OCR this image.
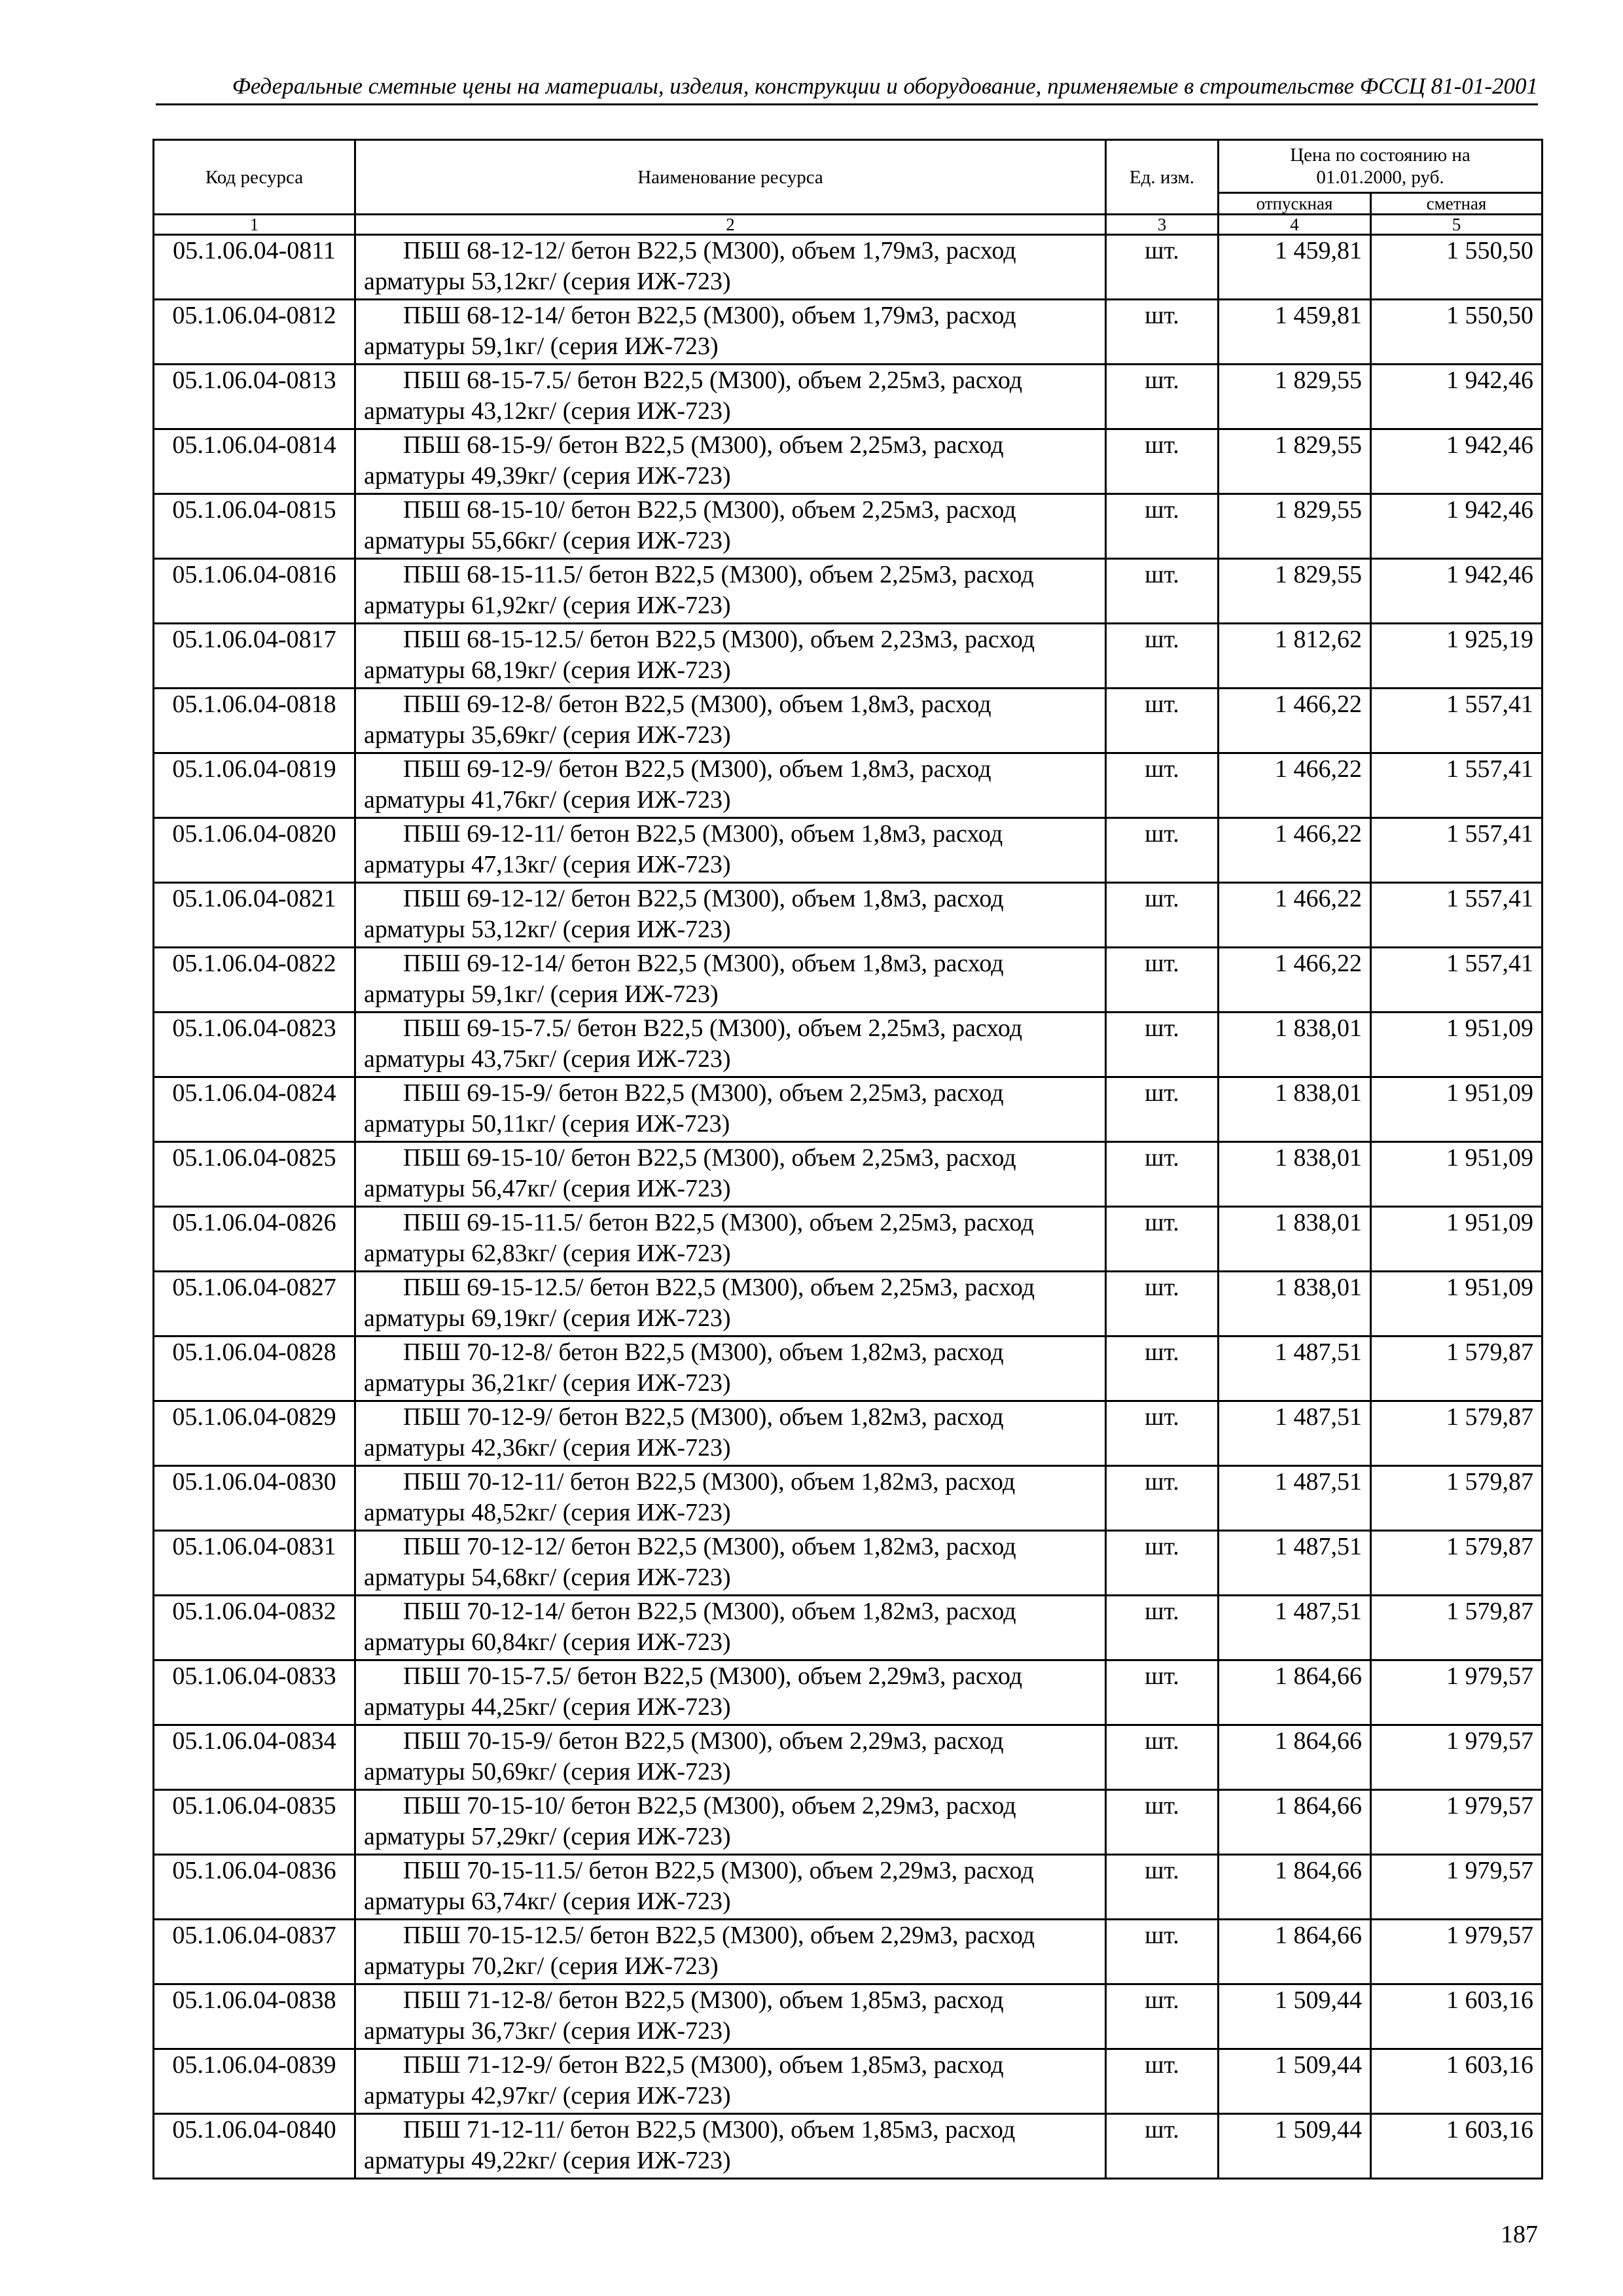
Федеральные сметные цены на материалы, изделия, конструкции и оборудование, применяемые в строительстве ФССЦ 81-01-2001
Код ресурса	Наименование ресурса	Ед. изм.	Цена по состоянию на 01.01.2000, руб.	
			отпускная	сметная
1	2	3	4	5
05.1.06.04-0811	ПБШ 68-12-12/ бетон В22,5 (М300), объем 1,79м3, расход
арматуры 53,12кг/ (серия ИЖ-723)	шт.	1 459,81	1 550,50
05.1.06.04-0812	ПБШ 68-12-14/ бетон В22,5 (М300), объем 1,79м3, расход
арматуры 59,1кг/ (серия ИЖ-723)	шт.	1 459,81	1 550,50
05.1.06.04-0813	ПБШ 68-15-7.5/ бетон В22,5 (М300), объем 2,25м3, расход
арматуры 43,12кг/ (серия ИЖ-723)	шт.	1 829,55	1 942,46
05.1.06.04-0814	ПБШ 68-15-9/ бетон В22,5 (М300), объем 2,25м3, расход
арматуры 49,39кг/ (серия ИЖ-723)	шт.	1 829,55	1 942,46
05.1.06.04-0815	ПБШ 68-15-10/ бетон В22,5 (М300), объем 2,25м3, расход
арматуры 55,66кг/ (серия ИЖ-723)	шт.	1 829,55	1 942,46
05.1.06.04-0816	ПБШ 68-15-11.5/ бетон В22,5 (М300), объем 2,25м3, расход
арматуры 61,92кг/ (серия ИЖ-723)	шт.	1 829,55	1 942,46
05.1.06.04-0817	ПБШ 68-15-12.5/ бетон В22,5 (М300), объем 2,23м3, расход
арматуры 68,19кг/ (серия ИЖ-723)	шт.	1 812,62	1 925,19
05.1.06.04-0818	ПБШ 69-12-8/ бетон В22,5 (М300), объем 1,8м3, расход
арматуры 35,69кг/ (серия ИЖ-723)	шт.	1 466,22	1 557,41
05.1.06.04-0819	ПБШ 69-12-9/ бетон В22,5 (М300), объем 1,8м3, расход
арматуры 41,76кг/ (серия ИЖ-723)	шт.	1 466,22	1 557,41
05.1.06.04-0820	ПБШ 69-12-11/ бетон В22,5 (М300), объем 1,8м3, расход
арматуры 47,13кг/ (серия ИЖ-723)	шт.	1 466,22	1 557,41
05.1.06.04-0821	ПБШ 69-12-12/ бетон В22,5 (М300), объем 1,8м3, расход
арматуры 53,12кг/ (серия ИЖ-723)	шт.	1 466,22	1 557,41
05.1.06.04-0822	ПБШ 69-12-14/ бетон В22,5 (М300), объем 1,8м3, расход
арматуры 59,1кг/ (серия ИЖ-723)	шт.	1 466,22	1 557,41
05.1.06.04-0823	ПБШ 69-15-7.5/ бетон В22,5 (М300), объем 2,25м3, расход
арматуры 43,75кг/ (серия ИЖ-723)	шт.	1 838,01	1 951,09
05.1.06.04-0824	ПБШ 69-15-9/ бетон В22,5 (М300), объем 2,25м3, расход
арматуры 50,11кг/ (серия ИЖ-723)	шт.	1 838,01	1 951,09
05.1.06.04-0825	ПБШ 69-15-10/ бетон В22,5 (М300), объем 2,25м3, расход
арматуры 56,47кг/ (серия ИЖ-723)	шт.	1 838,01	1 951,09
05.1.06.04-0826	ПБШ 69-15-11.5/ бетон В22,5 (М300), объем 2,25м3, расход
арматуры 62,83кг/ (серия ИЖ-723)	шт.	1 838,01	1 951,09
05.1.06.04-0827	ПБШ 69-15-12.5/ бетон В22,5 (М300), объем 2,25м3, расход
арматуры 69,19кг/ (серия ИЖ-723)	шт.	1 838,01	1 951,09
05.1.06.04-0828	ПБШ 70-12-8/ бетон В22,5 (М300), объем 1,82м3, расход
арматуры 36,21кг/ (серия ИЖ-723)	шт.	1 487,51	1 579,87
05.1.06.04-0829	ПБШ 70-12-9/ бетон В22,5 (М300), объем 1,82м3, расход
арматуры 42,36кг/ (серия ИЖ-723)	шт.	1 487,51	1 579,87
05.1.06.04-0830	ПБШ 70-12-11/ бетон В22,5 (М300), объем 1,82м3, расход
арматуры 48,52кг/ (серия ИЖ-723)	шт.	1 487,51	1 579,87
05.1.06.04-0831	ПБШ 70-12-12/ бетон В22,5 (М300), объем 1,82м3, расход
арматуры 54,68кг/ (серия ИЖ-723)	шт.	1 487,51	1 579,87
05.1.06.04-0832	ПБШ 70-12-14/ бетон В22,5 (М300), объем 1,82м3, расход
арматуры 60,84кг/ (серия ИЖ-723)	шт.	1 487,51	1 579,87
05.1.06.04-0833	ПБШ 70-15-7.5/ бетон В22,5 (М300), объем 2,29м3, расход
арматуры 44,25кг/ (серия ИЖ-723)	шт.	1 864,66	1 979,57
05.1.06.04-0834	ПБШ 70-15-9/ бетон В22,5 (М300), объем 2,29м3, расход
арматуры 50,69кг/ (серия ИЖ-723)	шт.	1 864,66	1 979,57
05.1.06.04-0835	ПБШ 70-15-10/ бетон В22,5 (М300), объем 2,29м3, расход
арматуры 57,29кг/ (серия ИЖ-723)	шт.	1 864,66	1 979,57
05.1.06.04-0836	ПБШ 70-15-11.5/ бетон В22,5 (М300), объем 2,29м3, расход
арматуры 63,74кг/ (серия ИЖ-723)	шт.	1 864,66	1 979,57
05.1.06.04-0837	ПБШ 70-15-12.5/ бетон В22,5 (М300), объем 2,29м3, расход
арматуры 70,2кг/ (серия ИЖ-723)	шт.	1 864,66	1 979,57
05.1.06.04-0838	ПБШ 71-12-8/ бетон В22,5 (М300), объем 1,85м3, расход
арматуры 36,73кг/ (серия ИЖ-723)	шт.	1 509,44	1 603,16
05.1.06.04-0839	ПБШ 71-12-9/ бетон В22,5 (М300), объем 1,85м3, расход
арматуры 42,97кг/ (серия ИЖ-723)	шт.	1 509,44	1 603,16
05.1.06.04-0840	ПБШ 71-12-11/ бетон В22,5 (М300), объем 1,85м3, расход
арматуры 49,22кг/ (серия ИЖ-723)	шт.	1 509,44	1 603,16
187
